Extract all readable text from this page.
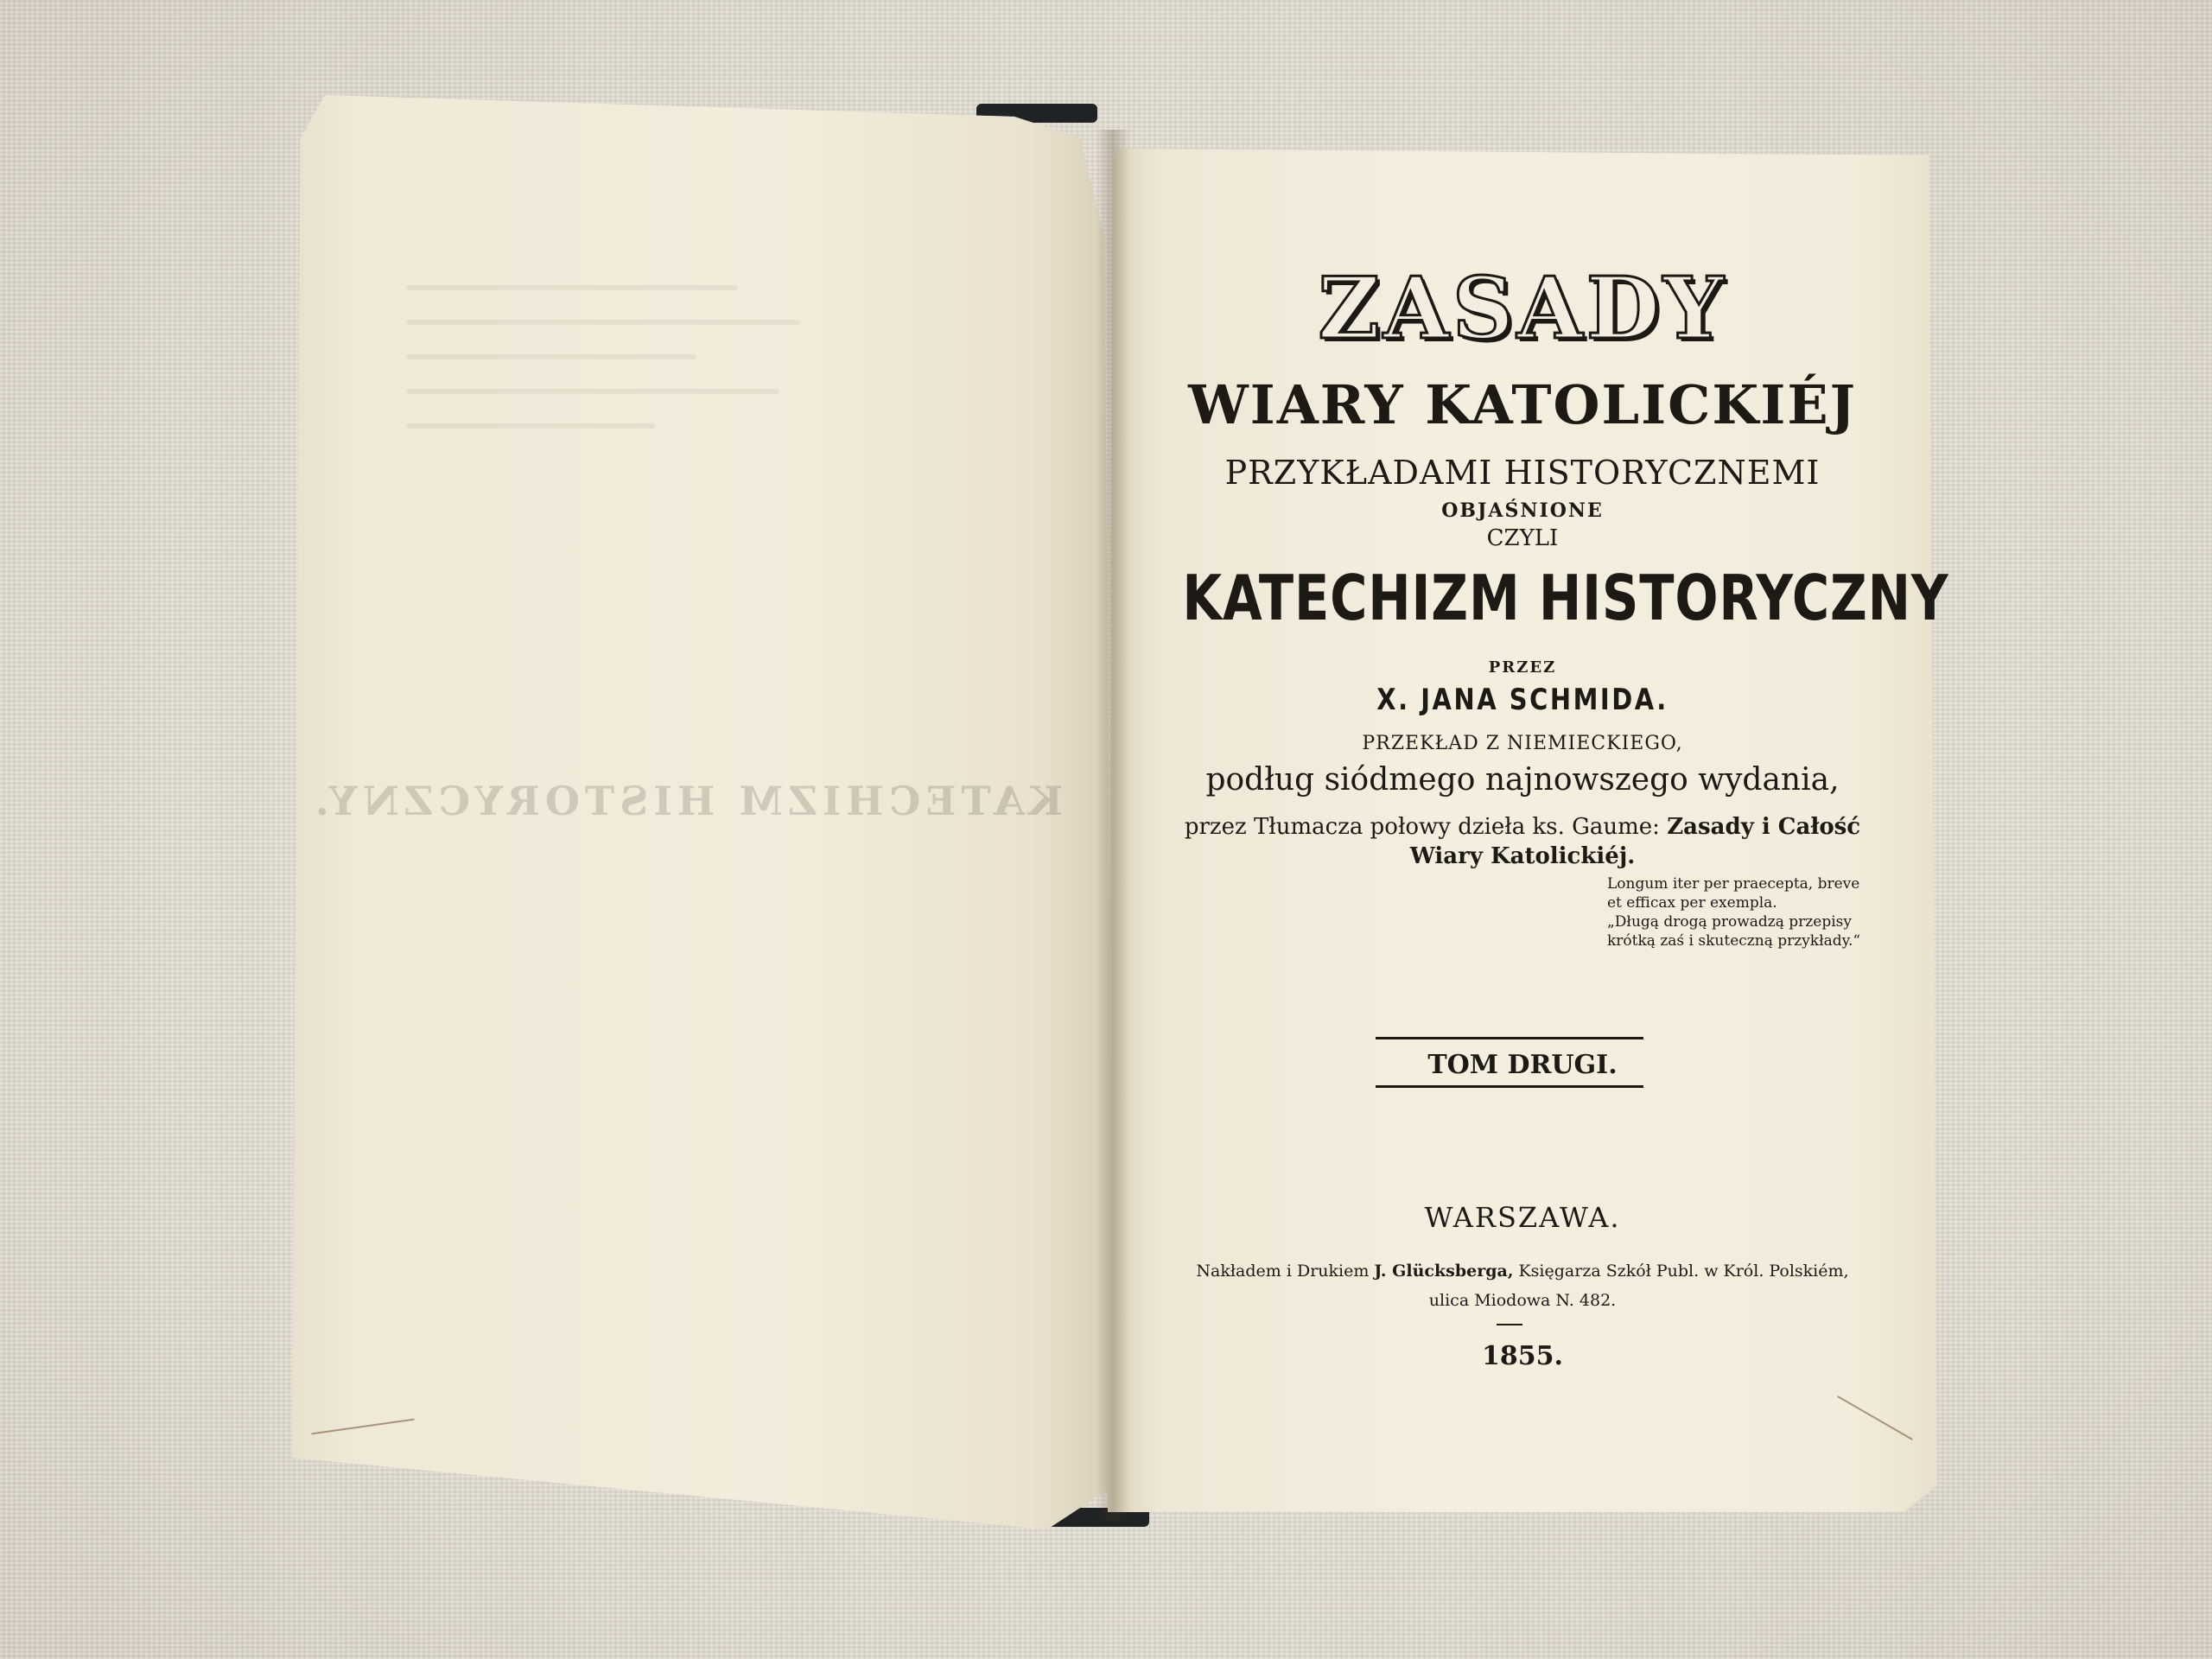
KATECHIZM HISTORYCZNY.
ZASADY
WIARY KATOLICKIÉJ
PRZYKŁADAMI HISTORYCZNEMI
OBJAŚNIONE
CZYLI
KATECHIZM HISTORYCZNY
PRZEZ
X. JANA SCHMIDA.
PRZEKŁAD Z NIEMIECKIEGO,
podług siódmego najnowszego wydania,
przez Tłumacza połowy dzieła ks. Gaume: Zasady i Całość
Wiary Katolickiéj.
Longum iter per praecepta, breve
et efficax per exempla.
„Długą drogą prowadzą przepisy
krótką zaś i skuteczną przykłady.“
TOM DRUGI.
WARSZAWA.
Nakładem i Drukiem J. Glücksberga, Księgarza Szkół Publ. w Król. Polskiém,
ulica Miodowa N. 482.
1855.
